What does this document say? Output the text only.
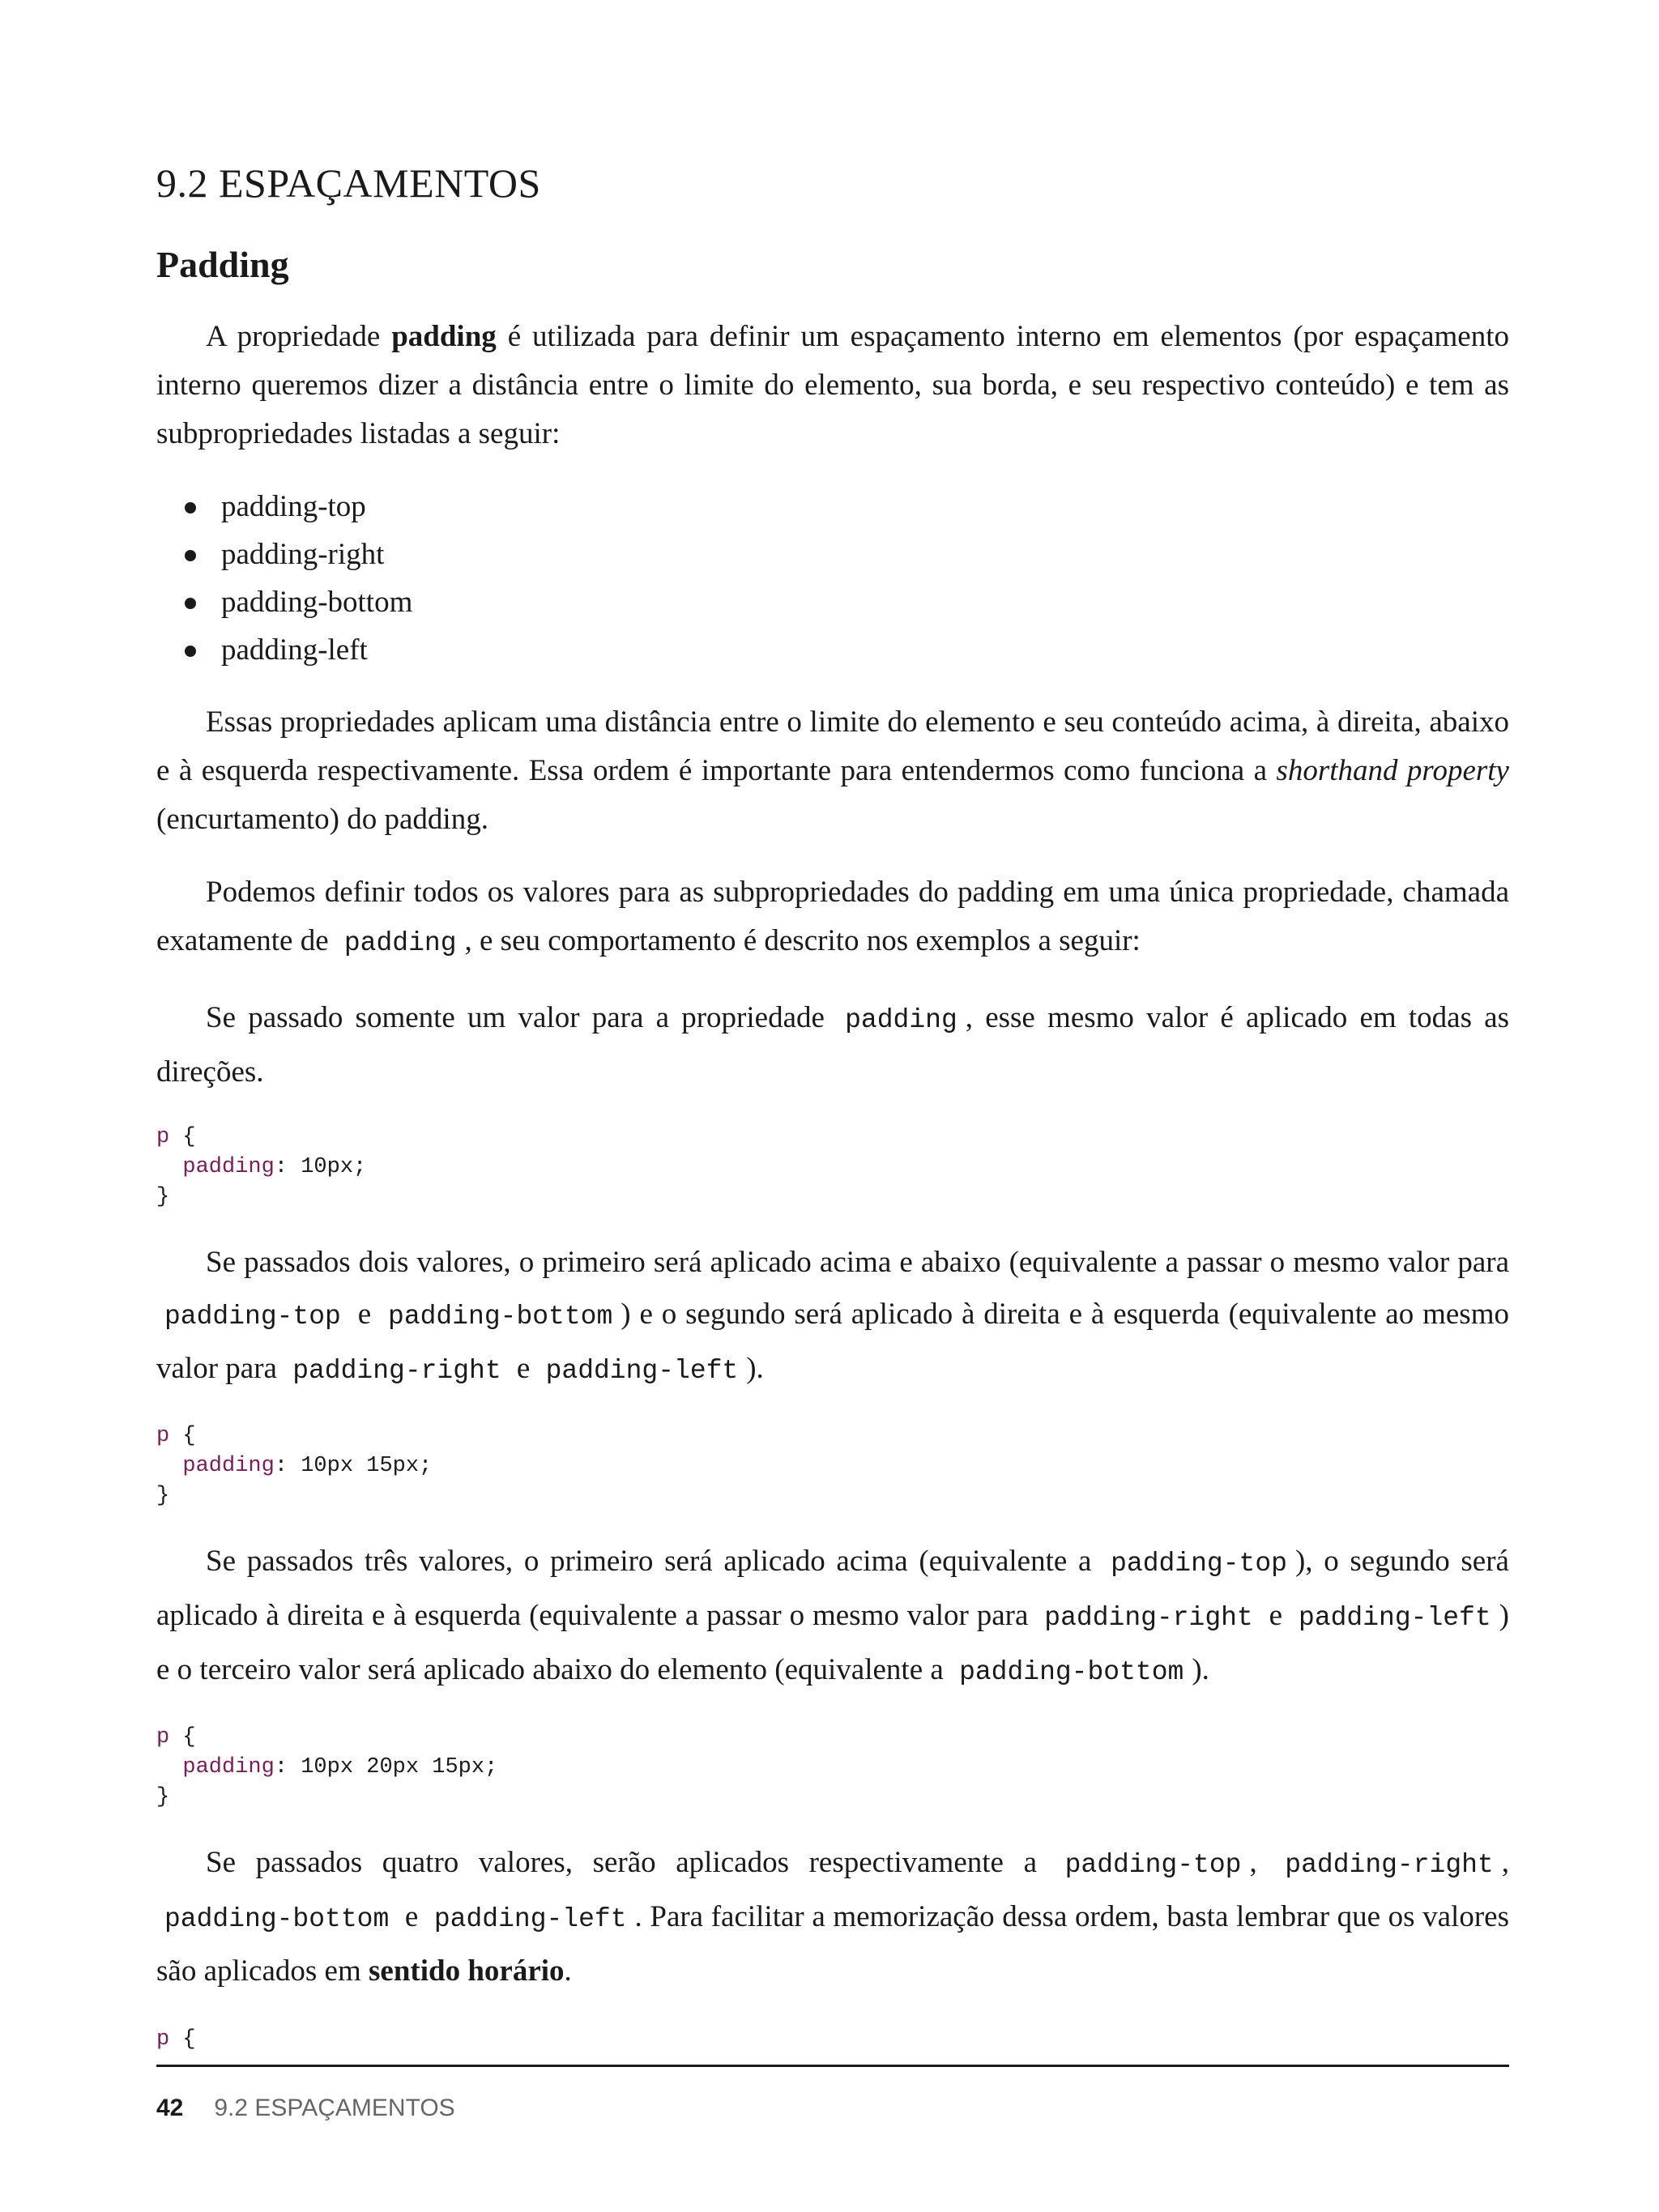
9.2 ESPAÇAMENTOS
Padding

A propriedade padding é utilizada para definir um espaçamento interno em elementos (por espaçamento interno queremos dizer a distância entre o limite do elemento, sua borda, e seu respectivo conteúdo) e tem as subpropriedades listadas a seguir:

padding-top
padding-right
padding-bottom
padding-left

Essas propriedades aplicam uma distância entre o limite do elemento e seu conteúdo acima, à direita, abaixo e à esquerda respectivamente. Essa ordem é importante para entendermos como funciona a shorthand property (encurtamento) do padding.

Podemos definir todos os valores para as subpropriedades do padding em uma única propriedade, chamada exatamente de padding , e seu comportamento é descrito nos exemplos a seguir:

Se passado somente um valor para a propriedade padding , esse mesmo valor é aplicado em todas as direções.

p {
padding: 10px;
}

Se passados dois valores, o primeiro será aplicado acima e abaixo (equivalente a passar o mesmo valor para padding-top e padding-bottom ) e o segundo será aplicado à direita e à esquerda (equivalente ao mesmo valor para padding-right e padding-left ).

p {
padding: 10px 15px;
}

Se passados três valores, o primeiro será aplicado acima (equivalente a padding-top ), o segundo será aplicado à direita e à esquerda (equivalente a passar o mesmo valor para padding-right e padding-left ) e o terceiro valor será aplicado abaixo do elemento (equivalente a padding-bottom ).

p {
padding: 10px 20px 15px;
}

Se passados quatro valores, serão aplicados respectivamente a padding-top , padding-right , padding-bottom e padding-left . Para facilitar a memorização dessa ordem, basta lembrar que os valores são aplicados em sentido horário.

p {
42 9.2 ESPAÇAMENTOS
